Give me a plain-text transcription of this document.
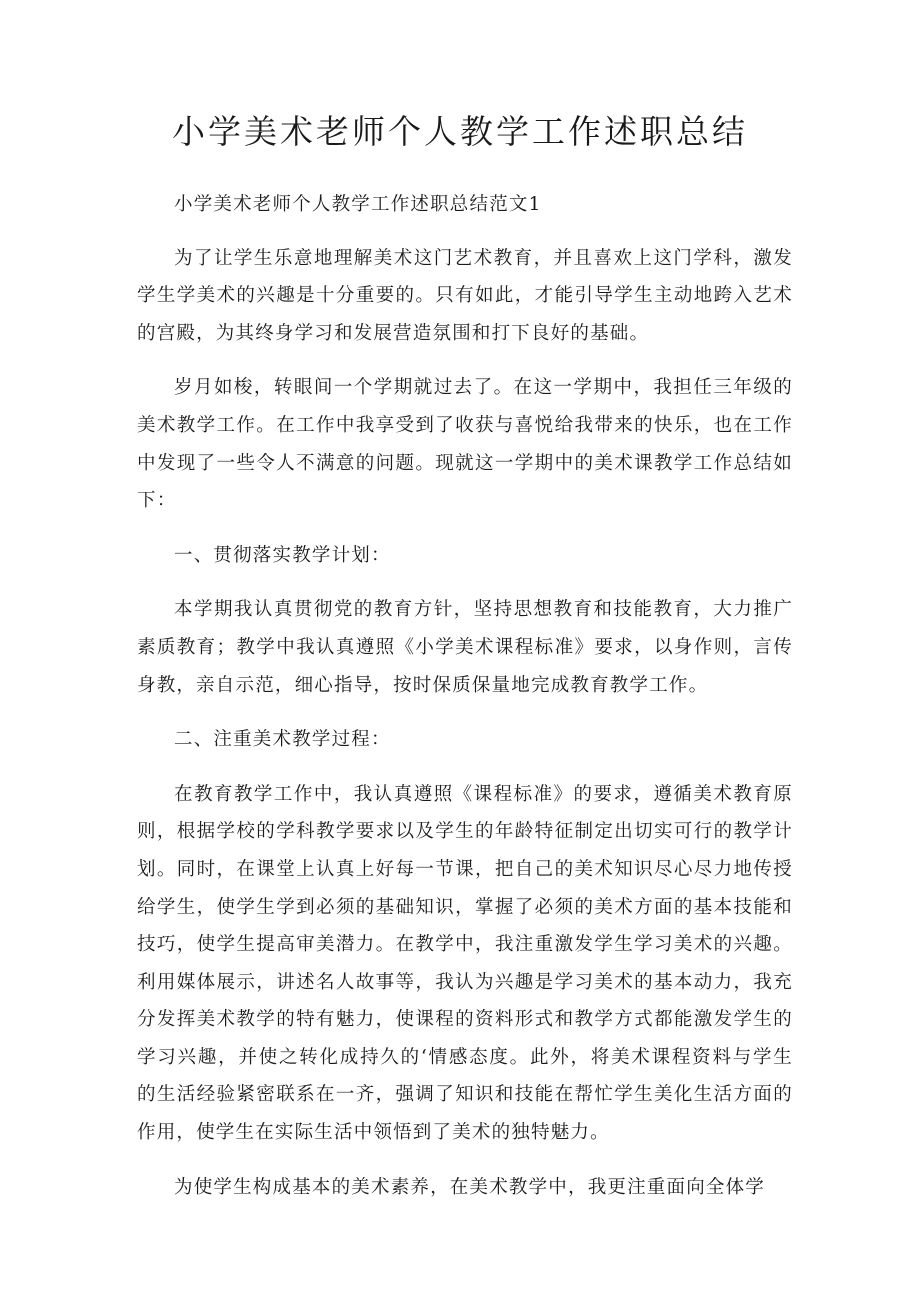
小学美术老师个人教学工作述职总结

小学美术老师个人教学工作述职总结范文1

为了让学生乐意地理解美术这门艺术教育，并且喜欢上这门学科，激发学生学美术的兴趣是十分重要的。只有如此，才能引导学生主动地跨入艺术的宫殿，为其终身学习和发展营造氛围和打下良好的基础。

岁月如梭，转眼间一个学期就过去了。在这一学期中，我担任三年级的美术教学工作。在工作中我享受到了收获与喜悦给我带来的快乐，也在工作中发现了一些令人不满意的问题。现就这一学期中的美术课教学工作总结如下：

一、贯彻落实教学计划：

本学期我认真贯彻党的教育方针，坚持思想教育和技能教育，大力推广素质教育；教学中我认真遵照《小学美术课程标准》要求，以身作则，言传身教，亲自示范，细心指导，按时保质保量地完成教育教学工作。

二、注重美术教学过程：

在教育教学工作中，我认真遵照《课程标准》的要求，遵循美术教育原则，根据学校的学科教学要求以及学生的年龄特征制定出切实可行的教学计划。同时，在课堂上认真上好每一节课，把自己的美术知识尽心尽力地传授给学生，使学生学到必须的基础知识，掌握了必须的美术方面的基本技能和技巧，使学生提高审美潜力。在教学中，我注重激发学生学习美术的兴趣。利用媒体展示，讲述名人故事等，我认为兴趣是学习美术的基本动力，我充分发挥美术教学的特有魅力，使课程的资料形式和教学方式都能激发学生的学习兴趣，并使之转化成持久的‘情感态度。此外，将美术课程资料与学生的生活经验紧密联系在一齐，强调了知识和技能在帮忙学生美化生活方面的作用，使学生在实际生活中领悟到了美术的独特魅力。

为使学生构成基本的美术素养，在美术教学中，我更注重面向全体学
